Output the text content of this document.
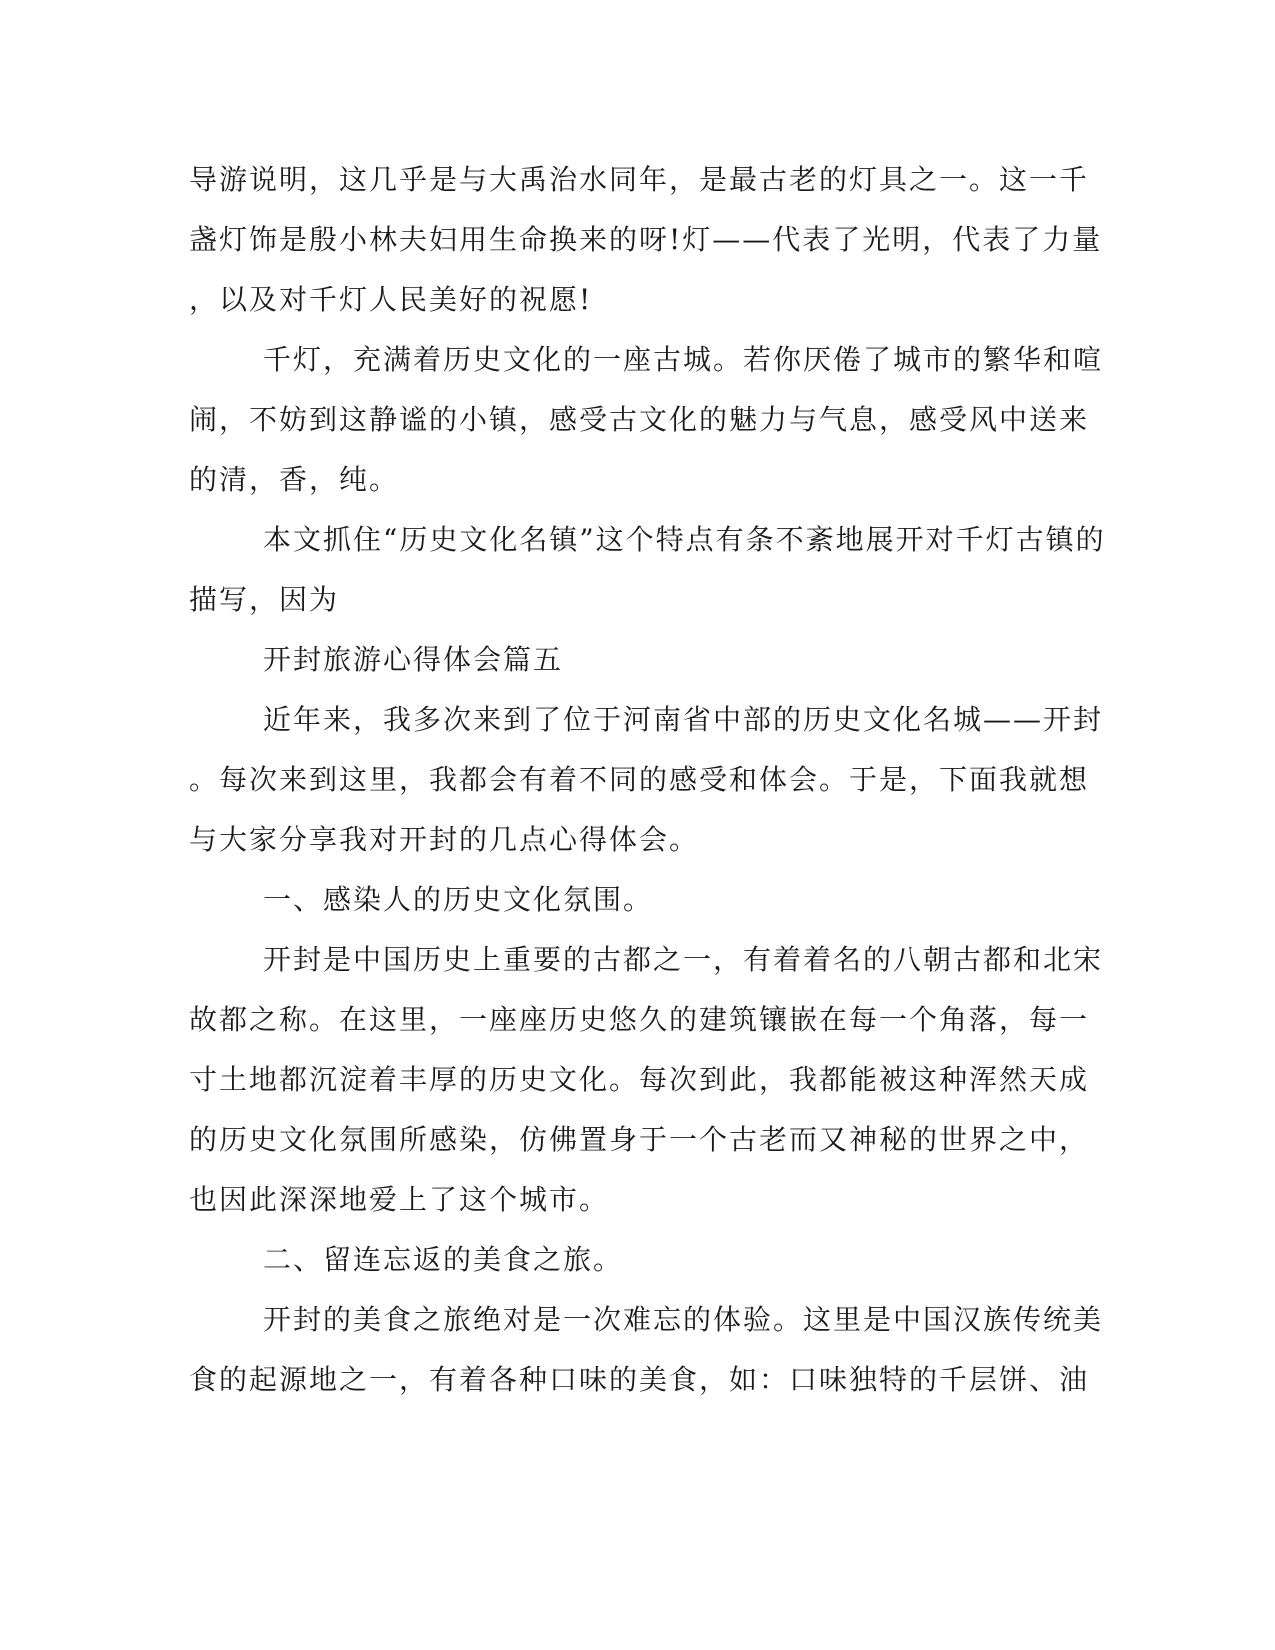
导游说明，这几乎是与大禹治水同年，是最古老的灯具之一。这一千
盏灯饰是殷小林夫妇用生命换来的呀!灯——代表了光明，代表了力量
，以及对千灯人民美好的祝愿!
千灯，充满着历史文化的一座古城。若你厌倦了城市的繁华和喧
闹，不妨到这静谧的小镇，感受古文化的魅力与气息，感受风中送来
的清，香，纯。
本文抓住“历史文化名镇”这个特点有条不紊地展开对千灯古镇的
描写，因为
开封旅游心得体会篇五
近年来，我多次来到了位于河南省中部的历史文化名城——开封
。每次来到这里，我都会有着不同的感受和体会。于是，下面我就想
与大家分享我对开封的几点心得体会。
一、感染人的历史文化氛围。
开封是中国历史上重要的古都之一，有着着名的八朝古都和北宋
故都之称。在这里，一座座历史悠久的建筑镶嵌在每一个角落，每一
寸土地都沉淀着丰厚的历史文化。每次到此，我都能被这种浑然天成
的历史文化氛围所感染，仿佛置身于一个古老而又神秘的世界之中，
也因此深深地爱上了这个城市。
二、留连忘返的美食之旅。
开封的美食之旅绝对是一次难忘的体验。这里是中国汉族传统美
食的起源地之一，有着各种口味的美食，如：口味独特的千层饼、油
